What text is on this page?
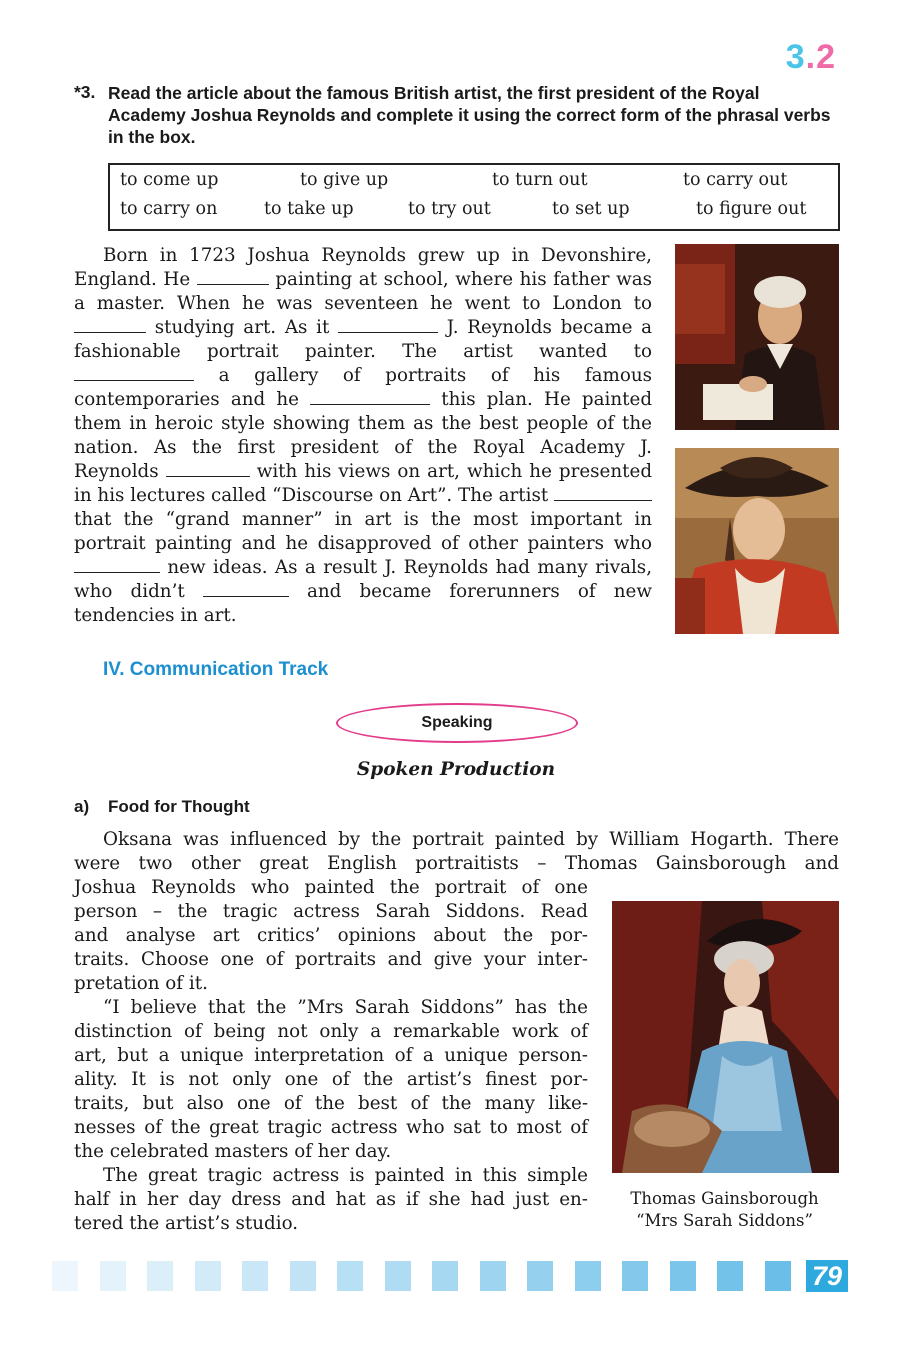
3.2
*3. Read the article about the famous British artist, the first president of the Royal Academy Joshua Reynolds and complete it using the correct form of the phrasal verbs in the box.
to come up	to give up	to turn out	to carry out
to carry on	to take up	to try out	to set up	to figure out

Born in 1723 Joshua Reynolds grew up in Devonshire, England. He	painting at school, where his father was a master. When he was seventeen he went to London to  studying art. As it	J. Reynolds became a fashionable portrait painter. The artist wanted to  a gallery of portraits of his famous contemporaries and he	this plan. He painted them in heroic style showing them as the best people of the nation. As the first president of the Royal Academy J. Reynolds	with his views on art, which he presented in his lectures called “Discourse on Art”. The artist  that the “grand manner” in art is the most important in portrait painting and he disapproved of other painters who  new ideas. As a result J. Reynolds had many rivals, who didn’t	and became forerunners of new tendencies in art.

IV. Communication Track
Speaking
Spoken Production
a) Food for Thought
Oksana was influenced by the portrait painted by William Hogarth. There
were two other great English portraitists – Thomas Gainsborough and
Joshua Reynolds who painted the portrait of one
person – the tragic actress Sarah Siddons. Read
and analyse art critics’ opinions about the por-
traits. Choose one of portraits and give your inter-
pretation of it.
“I believe that the ”Mrs Sarah Siddons” has the
distinction of being not only a remarkable work of
art, but a unique interpretation of a unique person-
ality. It is not only one of the artist’s finest por-
traits, but also one of the best of the many like-
nesses of the great tragic actress who sat to most of
the celebrated masters of her day.
The great tragic actress is painted in this simple
half in her day dress and hat as if she had just en-
tered the artist’s studio.
Thomas Gainsborough
“Mrs Sarah Siddons”
79
